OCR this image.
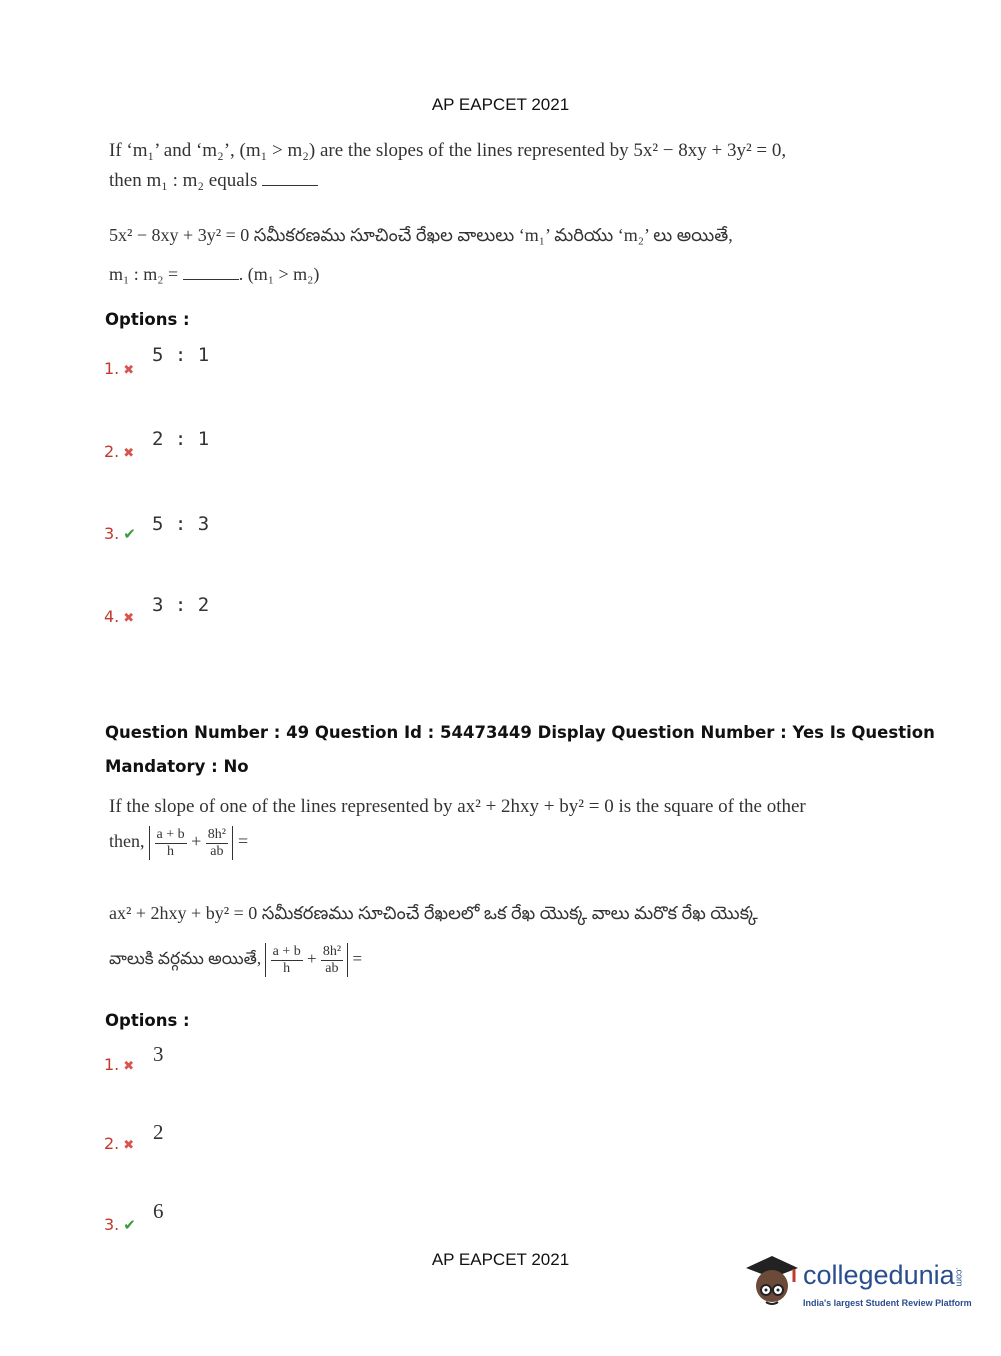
AP EAPCET 2021
If ‘m₁’ and ‘m₂’, (m₁ > m₂) are the slopes of the lines represented by 5x² − 8xy + 3y² = 0,
then m₁ : m₂ equals
5x² − 8xy + 3y² = 0 సమీకరణము సూచించే రేఖల వాలులు ‘m₁’ మరియు ‘m₂’ లు అయితే,
m₁ : m₂ =	. (m₁ > m₂)
Options :
1. ✖
5 : 1
2. ✖
2 : 1
3. ✔ 5 : 3
4. ✖
3 : 2
Question Number : 49 Question Id : 54473449 Display Question Number : Yes Is Question
Mandatory : No
If the slope of one of the lines represented by ax² + 2hxy + by² = 0 is the square of the other
then, $\frac{a + b}{h} + \frac{\text{8h²}}{ab}$ =
ax² + 2hxy + by² = 0 సమీకరణము సూచించే రేఖలలో ఒక రేఖ యొక్క వాలు మరొక రేఖ యొక్క
వాలుకి వర్గము అయితే, $\frac{a + b}{h} + \frac{\text{8h²}}{ab}$ =
Options :
1. ✖
3
2. ✖
2
3. ✔
6
AP EAPCET 2021
collegedunia.com
India's largest Student Review Platform
